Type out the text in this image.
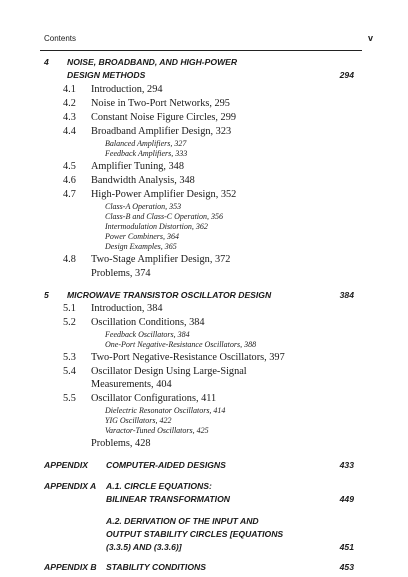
Contents	v
4 NOISE, BROADBAND, AND HIGH-POWER
DESIGN METHODS	294
4.1 Introduction, 294
4.2 Noise in Two-Port Networks, 295
4.3 Constant Noise Figure Circles, 299
4.4 Broadband Amplifier Design, 323
Balanced Amplifiers, 327
Feedback Amplifiers, 333
4.5 Amplifier Tuning, 348
4.6 Bandwidth Analysis, 348
4.7 High-Power Amplifier Design, 352
Class-A Operation, 353
Class-B and Class-C Operation, 356
Intermodulation Distortion, 362
Power Combiners, 364
Design Examples, 365
4.8 Two-Stage Amplifier Design, 372
Problems, 374
5 MICROWAVE TRANSISTOR OSCILLATOR DESIGN	384
5.1 Introduction, 384
5.2 Oscillation Conditions, 384
Feedback Oscillators, 384
One-Port Negative-Resistance Oscillators, 388
5.3 Two-Port Negative-Resistance Oscillators, 397
5.4 Oscillator Design Using Large-Signal
Measurements, 404
5.5 Oscillator Configurations, 411
Dielectric Resonator Oscillators, 414
YIG Oscillators, 422
Varactor-Tuned Oscillators, 425
Problems, 428
APPENDIX COMPUTER-AIDED DESIGNS	433
APPENDIX A A.1. CIRCLE EQUATIONS:
BILINEAR TRANSFORMATION	449
A.2. DERIVATION OF THE INPUT AND
OUTPUT STABILITY CIRCLES [EQUATIONS
(3.3.5) AND (3.3.6)]	451
APPENDIX B STABILITY CONDITIONS	453
